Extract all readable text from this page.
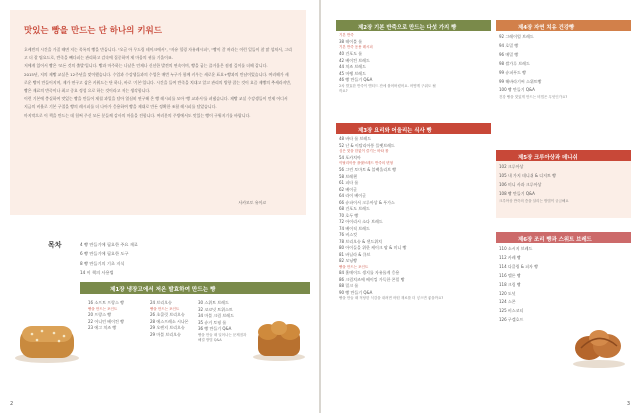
맛있는 빵을 만드는 단 하나의 키워드

호케빈의 시간을 가질 때면 저는 목록의 빵을 만듭니다. "오글 아 무드림 테이크에서", "자유 힐링 자유레시피", "빵이 갈 꺼라는 이런 일들이 참 많 섭처서, 그리고 더 잘 팁요드로, 반죽을 빼다피는 관리하고 감속에 집중하며 제 마음의 귀를 기울이죠.

저에게 있어서 빵은 '모든 것의 출발'입니다. 빵과 마주하는 나날은 언제나 신선한 발견의 연속이며, 빵을 굽는 즐거움은 점점 깊이를 더해 갑니다.

2015년, 저의 제빵 교실은 12주년을 맞이했습니다. 수업과 수강생들과의 수업은 매번 누구가 함께 키우는 새로운 표요+빵과의 만남이었습니다. 여러해가 새로운 빵이 만들어지며, 제가 연구고 삼은 키워드는 단 하나, 바로 '기본'입니다. 시간을 들여 반죽을 치대고 알고 관리의 방향 잡는 것이 요즘 제빵의 추세라지만, 빵은 재료의 반죽이나 최고 중요 정성 으로 하는 것이라고 저는 생각합니다.

이런 기본에 충실하여 맛있는 빵을 만들어 제철 과일을 담아 열심히 연구해 온 빵 레시피를 모아 '빵 교과서'를 펴냈습니다. 제빵 교실 수강생들이 언제 어디서 지금의 비율로 기본 구절을 빵의 레시피를 더 나아가 응용하여 빵을 제대로 만든 정확한 조합 레시피를 담았습니다.

마지막으로 이 책을 만드는 데 힘써 주신 모든 분들께 감사의 마음을 전합니다. 여러분의 주방에서도 맛있는 빵이 구워지기를 바랍니다.

사카모토 유이코
목차	4 빵 만들기에 필요한 주요 재료
6 빵 만들기에 필요한 도구
8 빵 만들기의 기초 지식
14 이 책의 사용법
제1장 냉장고에서 저온 발효하여 만드는 빵
16 소프트 프랑스 빵
빵을 만드는 포인트
20 프랑스 빵
22 어니언 베이컨 빵
23 에그 치즈 빵
24 브리오슈
빵을 만드는 포인트
26 초콜릿 브리오슈
28 에스프레소 시나몬
29 오렌지 브리오슈
29 마블 브리오슈
30 스위트 브레드
32 코코넛 트위스트
34 마블 크림 브레드
35 슈거 토핑 롤
36 빵 만들기 Q&A
빵을 만들 때 일어나는 문제점과 해결 방법 Q&A
2
제2장 기본 반죽으로 만드는 다섯 가지 빵
기본 반죽
38 테이블 롤
기본 반죽 응용 레시피
40 건포도 롤
42 베이컨 브레드
44 치즈 브레드
45 머랭 브레드
46 빵 만들기 Q&A
2차 발효한 반죽이 엔티드 잔에 붙어버렸어요. 어떻게 구워도 될까요?
제3장 요리와 어울리는 식사 빵
48 바타 롤 브레드
52 난 & 이탈리아풍 플랫브레드
심은 맛을 한없이 즐기는 바타 롤
54 포카치아
이탈리아풍 플랫브레드 반죽의 변형
56 그린 토마토 & 블랙올리브 빵
58 브레첸
61 피타 롤
62 베이글
64 라이 베이글
66 슈파이서 크루아상 & 푸가스
68 건포도 브레드
70 호두 빵
72 아이리시 소다 브레드
74 베이직 브레드
76 비스킷
78 브리오슈 & 샌드위치
80 아이들을 위한 케이크 팝 & 미니 빵
81 바닐라 & 큐브
82 모닝빵
빵을 만드는 포인트
84 홈메이드 생지를 자유롭게 응용
86 크림치즈에 베이킹 가득한 콘밀 빵
88 밀크 롤
90 빵 만들기 Q&A
빵을 만들 때 적당한 식감을 내려면 어떤 재료를 더 넣으면 좋을까요?
제4장 자연 치유 건강빵
92 그레이엄 브레드
94 호밀 빵
96 메밀 빵
98 쌀가루 브레드
99 슈퍼푸드 빵
99 해바라기씨 스위트빵
100 빵 만들기 Q&A
건강 빵을 맛있게 만드는 비법은 무엇인가요?
제5장 크루아상과 데니쉬
102 크루아상
105 내 가지 데니쉬 & 디저트 빵
106 미니 사과 크루아상
108 빵 만들기 Q&A
크루아상 반죽의 층을 살리는 방법이 궁금해요
제6장 조리 빵과 스위트 브레드
110 소시지 브레드
112 카레 빵
114 다클링 & 피자 빵
116 멜론 빵
118 크림 빵
120 도넛
124 스콘
125 비스코티
126 구겔호프
3
